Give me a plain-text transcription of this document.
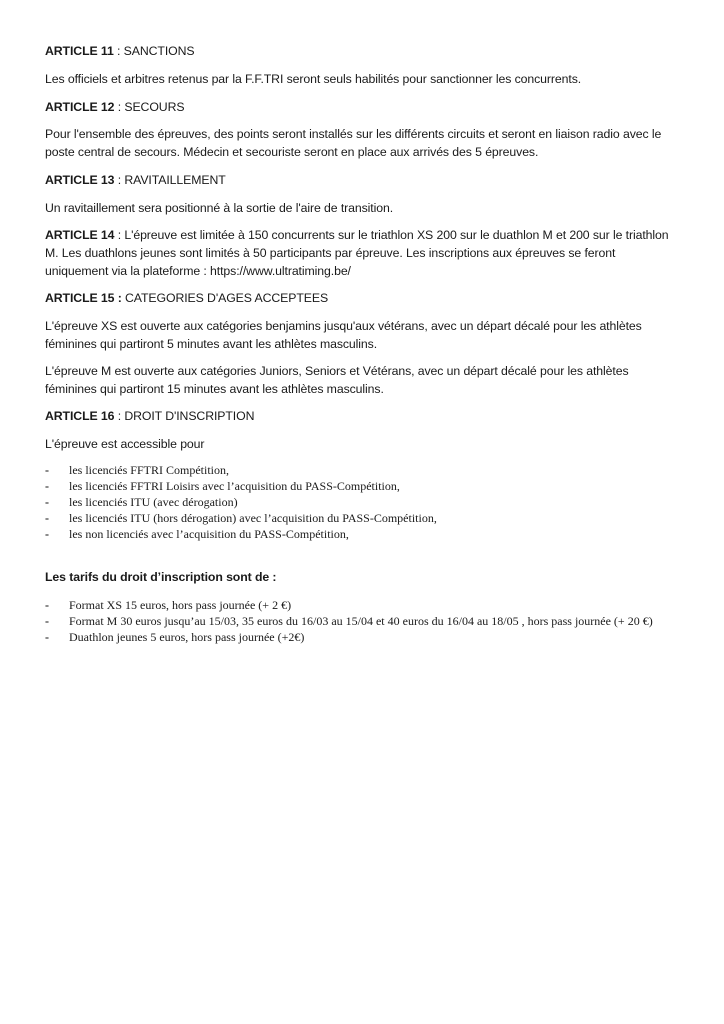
ARTICLE 11 : SANCTIONS
Les officiels et arbitres retenus par la F.F.TRI seront seuls habilités pour sanctionner les concurrents.
ARTICLE 12 : SECOURS
Pour l'ensemble des épreuves, des points seront installés sur les différents circuits et seront en liaison radio avec le
poste central de secours. Médecin et secouriste seront en place aux arrivés des 5 épreuves.
ARTICLE 13 : RAVITAILLEMENT
Un ravitaillement sera positionné à la sortie de l'aire de transition.
ARTICLE 14 : L'épreuve est limitée à 150 concurrents sur le triathlon XS 200 sur le duathlon M et 200 sur le triathlon
M. Les duathlons jeunes sont limités à 50 participants par épreuve. Les inscriptions aux épreuves se feront
uniquement via la plateforme : https://www.ultratiming.be/
ARTICLE 15 : CATEGORIES D'AGES ACCEPTEES
L'épreuve XS est ouverte aux catégories benjamins jusqu'aux vétérans, avec un départ décalé pour les athlètes
féminines qui partiront 5 minutes avant les athlètes masculins.
L'épreuve M est ouverte aux catégories Juniors, Seniors et Vétérans, avec un départ décalé pour les athlètes
féminines qui partiront 15 minutes avant les athlètes masculins.
ARTICLE 16 : DROIT D'INSCRIPTION
L'épreuve est accessible pour
- les licenciés FFTRI Compétition,
- les licenciés FFTRI Loisirs avec l’acquisition du PASS-Compétition,
- les licenciés ITU (avec dérogation)
- les licenciés ITU (hors dérogation) avec l’acquisition du PASS-Compétition,
- les non licenciés avec l’acquisition du PASS-Compétition,
Les tarifs du droit d’inscription sont de :
- Format XS 15 euros, hors pass journée (+ 2 €)
- Format M 30 euros jusqu’au 15/03, 35 euros du 16/03 au 15/04 et 40 euros du 16/04 au 18/05 , hors pass journée (+ 20 €)
- Duathlon jeunes 5 euros, hors pass journée (+2€)
